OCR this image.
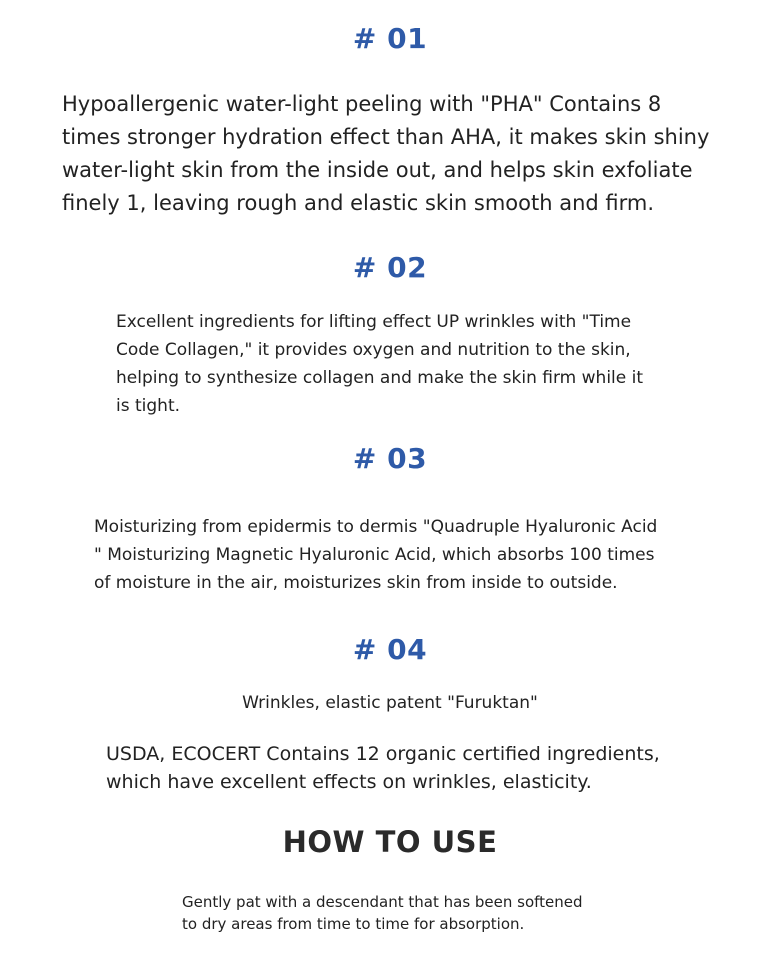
# 01
Hypoallergenic water-light peeling with "PHA" Contains 8
times stronger hydration effect than AHA, it makes skin shiny
water-light skin from the inside out, and helps skin exfoliate
finely 1, leaving rough and elastic skin smooth and firm.
# 02
Excellent ingredients for lifting effect UP wrinkles with "Time
Code Collagen," it provides oxygen and nutrition to the skin,
helping to synthesize collagen and make the skin firm while it
is tight.
# 03
Moisturizing from epidermis to dermis "Quadruple Hyaluronic Acid
" Moisturizing Magnetic Hyaluronic Acid, which absorbs 100 times
of moisture in the air, moisturizes skin from inside to outside.
# 04
Wrinkles, elastic patent "Furuktan"
USDA, ECOCERT Contains 12 organic certified ingredients,
which have excellent effects on wrinkles, elasticity.
HOW TO USE
Gently pat with a descendant that has been softened
to dry areas from time to time for absorption.
